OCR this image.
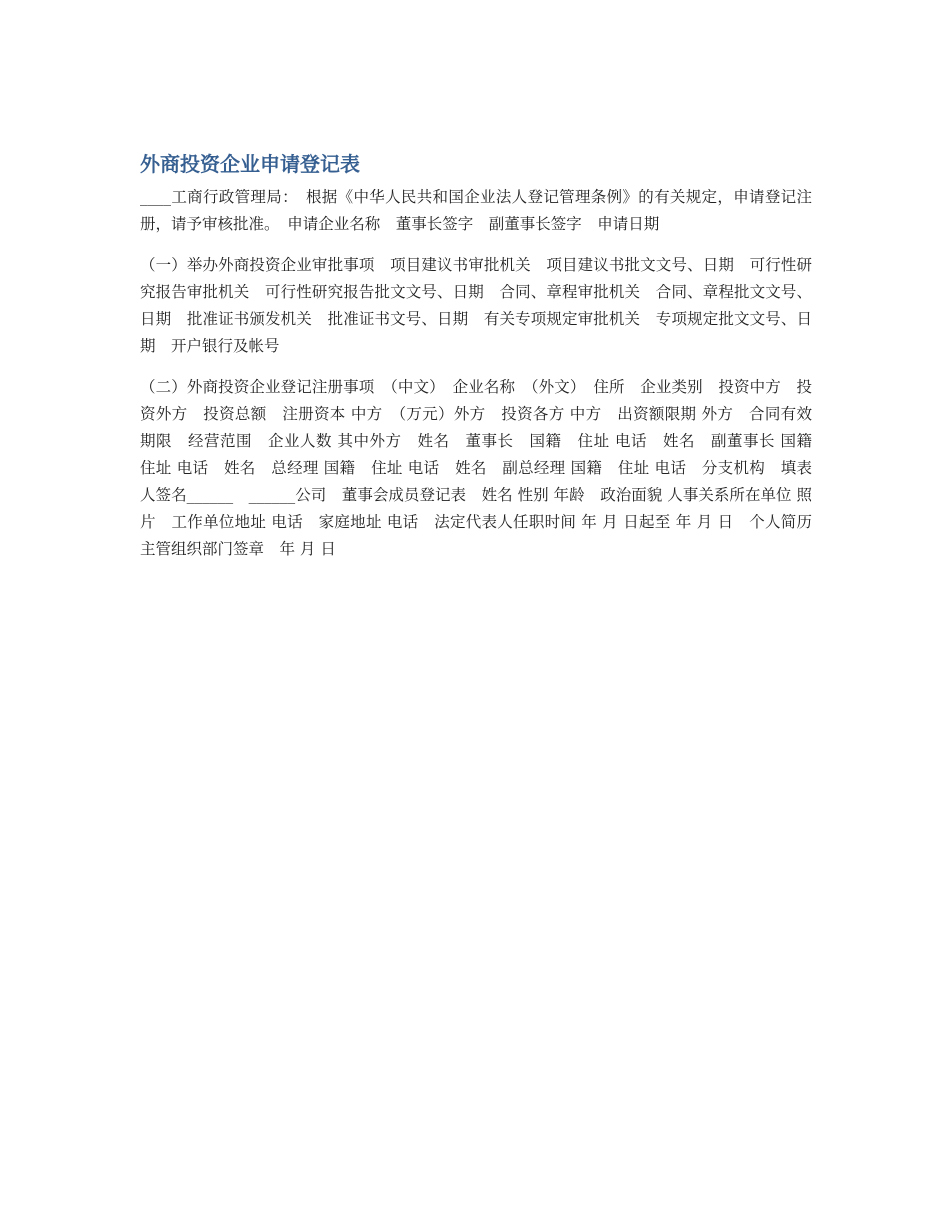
外商投资企业申请登记表

____工商行政管理局：　根据《中华人民共和国企业法人登记管理条例》的有关规定，申请登记注册，请予审核批准。　申请企业名称　董事长签字　副董事长签字　申请日期

（一）举办外商投资企业审批事项　项目建议书审批机关　项目建议书批文文号、日期　可行性研究报告审批机关　可行性研究报告批文文号、日期　合同、章程审批机关　合同、章程批文文号、日期　批准证书颁发机关　批准证书文号、日期　有关专项规定审批机关　专项规定批文文号、日期　开户银行及帐号

（二）外商投资企业登记注册事项　（中文）　企业名称　（外文）　住所　企业类别　投资中方　投资外方　投资总额　注册资本 中方　（万元）外方　投资各方 中方　出资额限期 外方　合同有效期限　经营范围　企业人数 其中外方　姓名　董事长　国籍　住址 电话　姓名　副董事长 国籍　住址 电话　姓名　总经理 国籍　住址 电话　姓名　副总经理 国籍　住址 电话　分支机构　填表人签名______　______公司　董事会成员登记表　姓名 性别 年龄　政治面貌 人事关系所在单位 照片　工作单位地址 电话　家庭地址 电话　法定代表人任职时间 年 月 日起至 年 月 日　个人简历　主管组织部门签章　年 月 日
